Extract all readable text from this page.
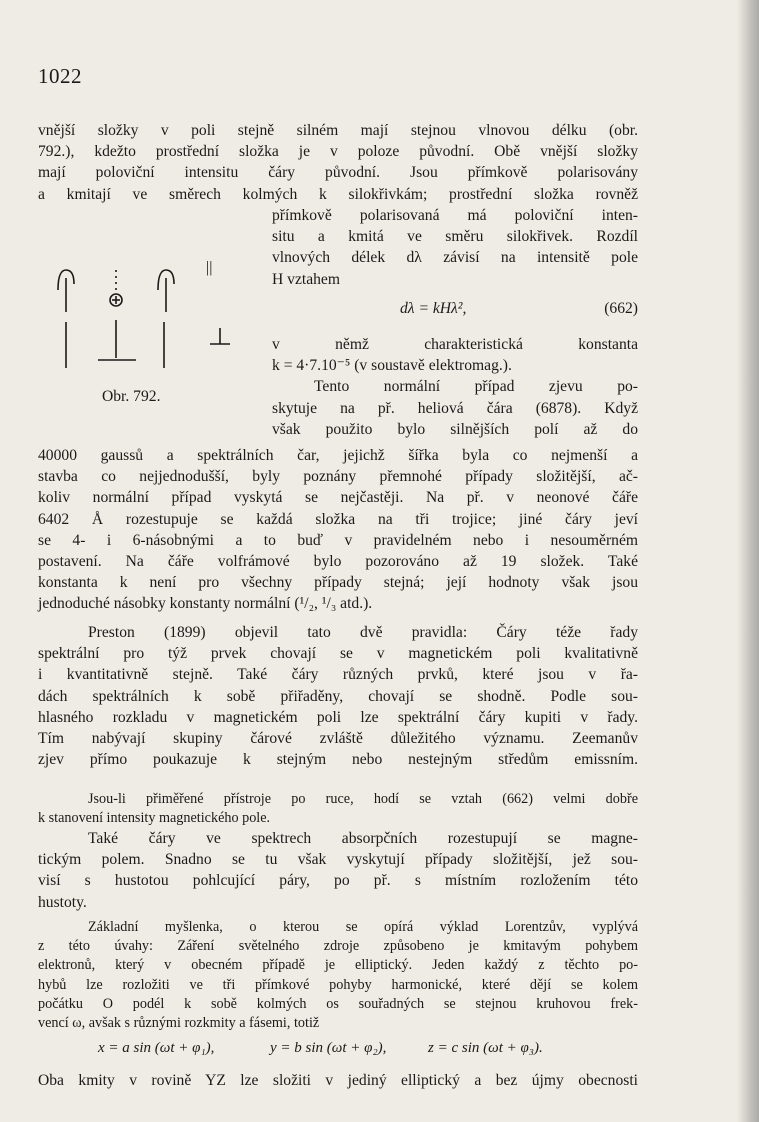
1022
vnější složky v poli stejně silném mají stejnou vlnovou délku (obr.
792.), kdežto prostřední složka je v poloze původní. Obě vnější složky
mají poloviční intensitu čáry původní. Jsou přímkově polarisovány
a kmitají ve směrech kolmých k silokřivkám; prostřední složka rovněž
přímkově polarisovaná má poloviční inten-
situ a kmitá ve směru silokřivek. Rozdíl
vlnových délek dλ závisí na intensitě pole
H vztahem
dλ = kHλ²,	(662)
v němž charakteristická konstanta
k = 4·7.10⁻⁵ (v soustavě elektromag.).
Tento normální případ zjevu po-
skytuje na př. heliová čára (6878). Když
však použito bylo silnějších polí až do
||
Obr. 792.
40000 gaussů a spektrálních čar, jejichž šířka byla co nejmenší a
stavba co nejjednodušší, byly poznány přemnohé případy složitější, ač-
koliv normální případ vyskytá se nejčastěji. Na př. v neonové čáře
6402 Å rozestupuje se každá složka na tři trojice; jiné čáry jeví
se 4- i 6-násobnými a to buď v pravidelném nebo i nesouměrném
postavení. Na čáře volfrámové bylo pozorováno až 19 složek. Také
konstanta k není pro všechny případy stejná; její hodnoty však jsou
jednoduché násobky konstanty normální (¹/₂, ¹/₃ atd.).
Preston (1899) objevil tato dvě pravidla: Čáry téže řady
spektrální pro týž prvek chovají se v magnetickém poli kvalitativně
i kvantitativně stejně. Také čáry různých prvků, které jsou v řa-
dách spektrálních k sobě přiřaděny, chovají se shodně. Podle sou-
hlasného rozkladu v magnetickém poli lze spektrální čáry kupiti v řady.
Tím nabývají skupiny čárové zvláště důležitého významu. Zeemanův
zjev přímo poukazuje k stejným nebo nestejným středům emissním.
Jsou-li přiměřené přístroje po ruce, hodí se vztah (662) velmi dobře
k stanovení intensity magnetického pole.
Také čáry ve spektrech absorpčních rozestupují se magne-
tickým polem. Snadno se tu však vyskytují případy složitější, jež sou-
visí s hustotou pohlcující páry, po př. s místním rozložením této
hustoty.
Základní myšlenka, o kterou se opírá výklad Lorentzův, vyplývá
z této úvahy: Záření světelného zdroje způsobeno je kmitavým pohybem
elektronů, který v obecném případě je elliptický. Jeden každý z těchto po-
hybů lze rozložiti ve tři přímkové pohyby harmonické, které dějí se kolem
počátku O podél k sobě kolmých os souřadných se stejnou kruhovou frek-
vencí ω, avšak s různými rozkmity a fásemi, totiž
x = a sin (ωt + φ₁),	y = b sin (ωt + φ₂),	z = c sin (ωt + φ₃).
Oba kmity v rovině YZ lze složiti v jediný elliptický a bez újmy obecnosti
